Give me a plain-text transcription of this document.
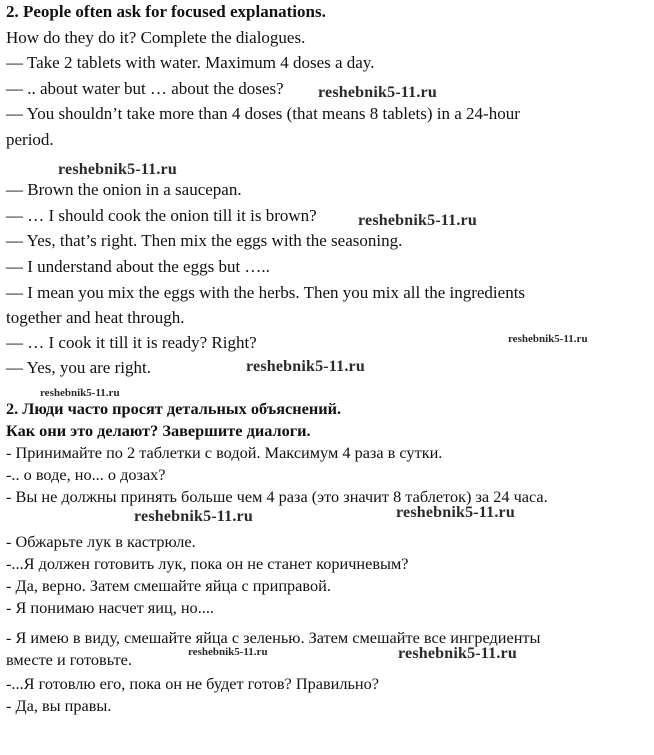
2. People often ask for focused explanations.
How do they do it? Complete the dialogues.
— Take 2 tablets with water. Maximum 4 doses a day.
— .. about water but … about the doses?
— You shouldn’t take more than 4 doses (that means 8 tablets) in a 24-hour
period.
— Brown the onion in a saucepan.
— … I should cook the onion till it is brown?
— Yes, that’s right. Then mix the eggs with the seasoning.
— I understand about the eggs but …..
— I mean you mix the eggs with the herbs. Then you mix all the ingredients
together and heat through.
— … I cook it till it is ready? Right?
— Yes, you are right.
2. Люди часто просят детальных объяснений.
Как они это делают? Завершите диалоги.
- Принимайте по 2 таблетки с водой. Максимум 4 раза в сутки.
-.. о воде, но... о дозах?
- Вы не должны принять больше чем 4 раза (это значит 8 таблеток) за 24 часа.
- Обжарьте лук в кастрюле.
-...Я должен готовить лук, пока он не станет коричневым?
- Да, верно. Затем смешайте яйца с приправой.
- Я понимаю насчет яиц, но....
- Я имею в виду, смешайте яйца с зеленью. Затем смешайте все ингредиенты
вместе и готовьте.
-...Я готовлю его, пока он не будет готов? Правильно?
- Да, вы правы.
reshebnik5-11.ru
reshebnik5-11.ru
reshebnik5-11.ru
reshebnik5-11.ru
reshebnik5-11.ru
reshebnik5-11.ru
reshebnik5-11.ru	reshebnik5-11.ru
reshebnik5-11.ru	reshebnik5-11.ru
